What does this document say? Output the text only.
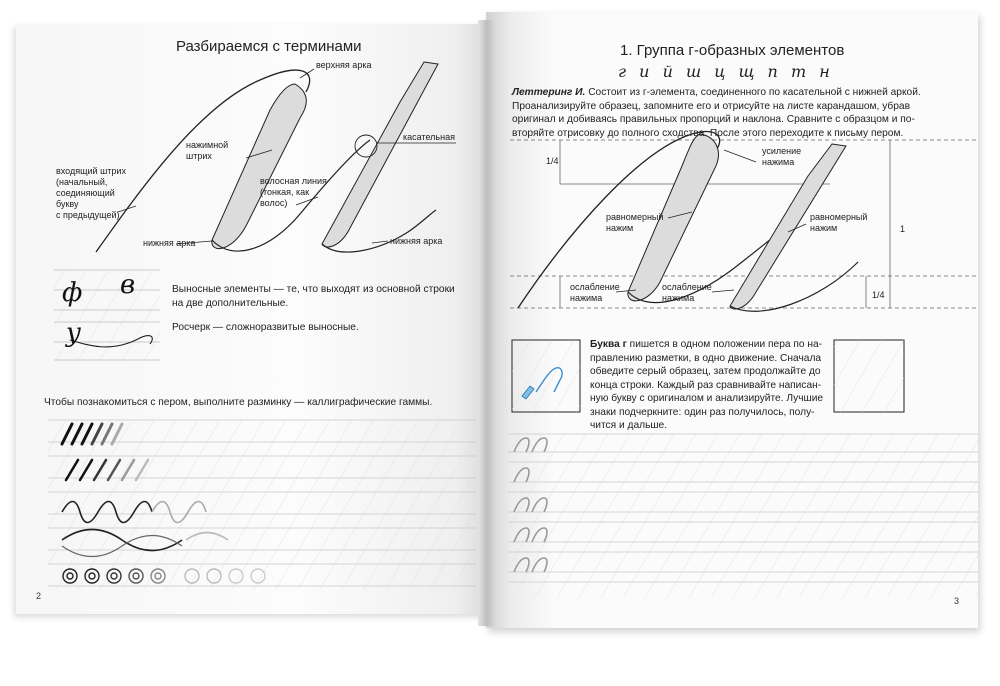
Разбираемся с терминами

верхняя арка

касательная

нажимной
штрих

волосная линия
(тонкая, как
волос)

входящий штрих
(начальный,
соединяющий
букву
с предыдущей)

нижняя арка	нижняя арка

ф в

у

Выносные элементы — те, что выходят из основной строки
на две дополнительные.

Росчерк — сложноразвитые выносные.

Чтобы познакомиться с пером, выполните разминку — каллиграфические гаммы.

2

1. Группа г-образных элементов

г и й ш ц щ п т н

Леттеринг И. Состоит из г-элемента, соединенного по касательной с нижней аркой.
Проанализируйте образец, запомните его и отрисуйте на листе карандашом, убрав
оригинал и добиваясь правильных пропорций и наклона. Сравните с образцом и по-
вторяйте отрисовку до полного сходства. После этого переходите к письму пером.

1/4

усиление
нажима

равномерный
нажим

равномерный
нажим	1

ослабление
нажима

ослабление
нажима	1/4

Буква г пишется в одном положении пера по на-
правлению разметки, в одно движение. Сначала
обведите серый образец, затем продолжайте до
конца строки. Каждый раз сравнивайте написан-
ную букву с оригиналом и анализируйте. Лучшие
знаки подчеркните: один раз получилось, полу-
чится и дальше.

3
